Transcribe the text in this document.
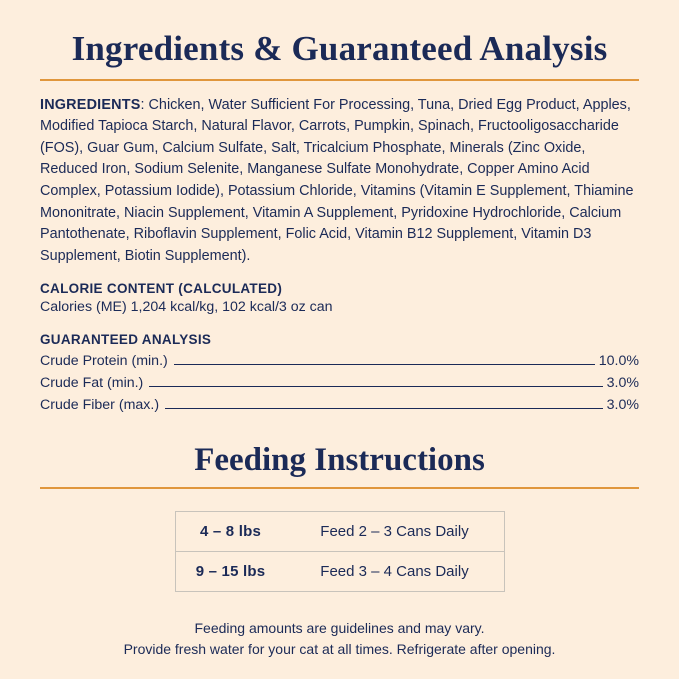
Ingredients & Guaranteed Analysis

INGREDIENTS: Chicken, Water Sufficient For Processing, Tuna, Dried Egg Product, Apples, Modified Tapioca Starch, Natural Flavor, Carrots, Pumpkin, Spinach, Fructooligosaccharide (FOS), Guar Gum, Calcium Sulfate, Salt, Tricalcium Phosphate, Minerals (Zinc Oxide, Reduced Iron, Sodium Selenite, Manganese Sulfate Monohydrate, Copper Amino Acid Complex, Potassium Iodide), Potassium Chloride, Vitamins (Vitamin E Supplement, Thiamine Mononitrate, Niacin Supplement, Vitamin A Supplement, Pyridoxine Hydrochloride, Calcium Pantothenate, Riboflavin Supplement, Folic Acid, Vitamin B12 Supplement, Vitamin D3 Supplement, Biotin Supplement).

CALORIE CONTENT (CALCULATED)

Calories (ME) 1,204 kcal/kg, 102 kcal/3 oz can

GUARANTEED ANALYSIS
Crude Protein (min.)	10.0%
Crude Fat (min.)	3.0%
Crude Fiber (max.)	3.0%
Feeding Instructions
4 – 8 lbs	Feed 2 – 3 Cans Daily
9 – 15 lbs	Feed 3 – 4 Cans Daily
Feeding amounts are guidelines and may vary.
Provide fresh water for your cat at all times. Refrigerate after opening.
